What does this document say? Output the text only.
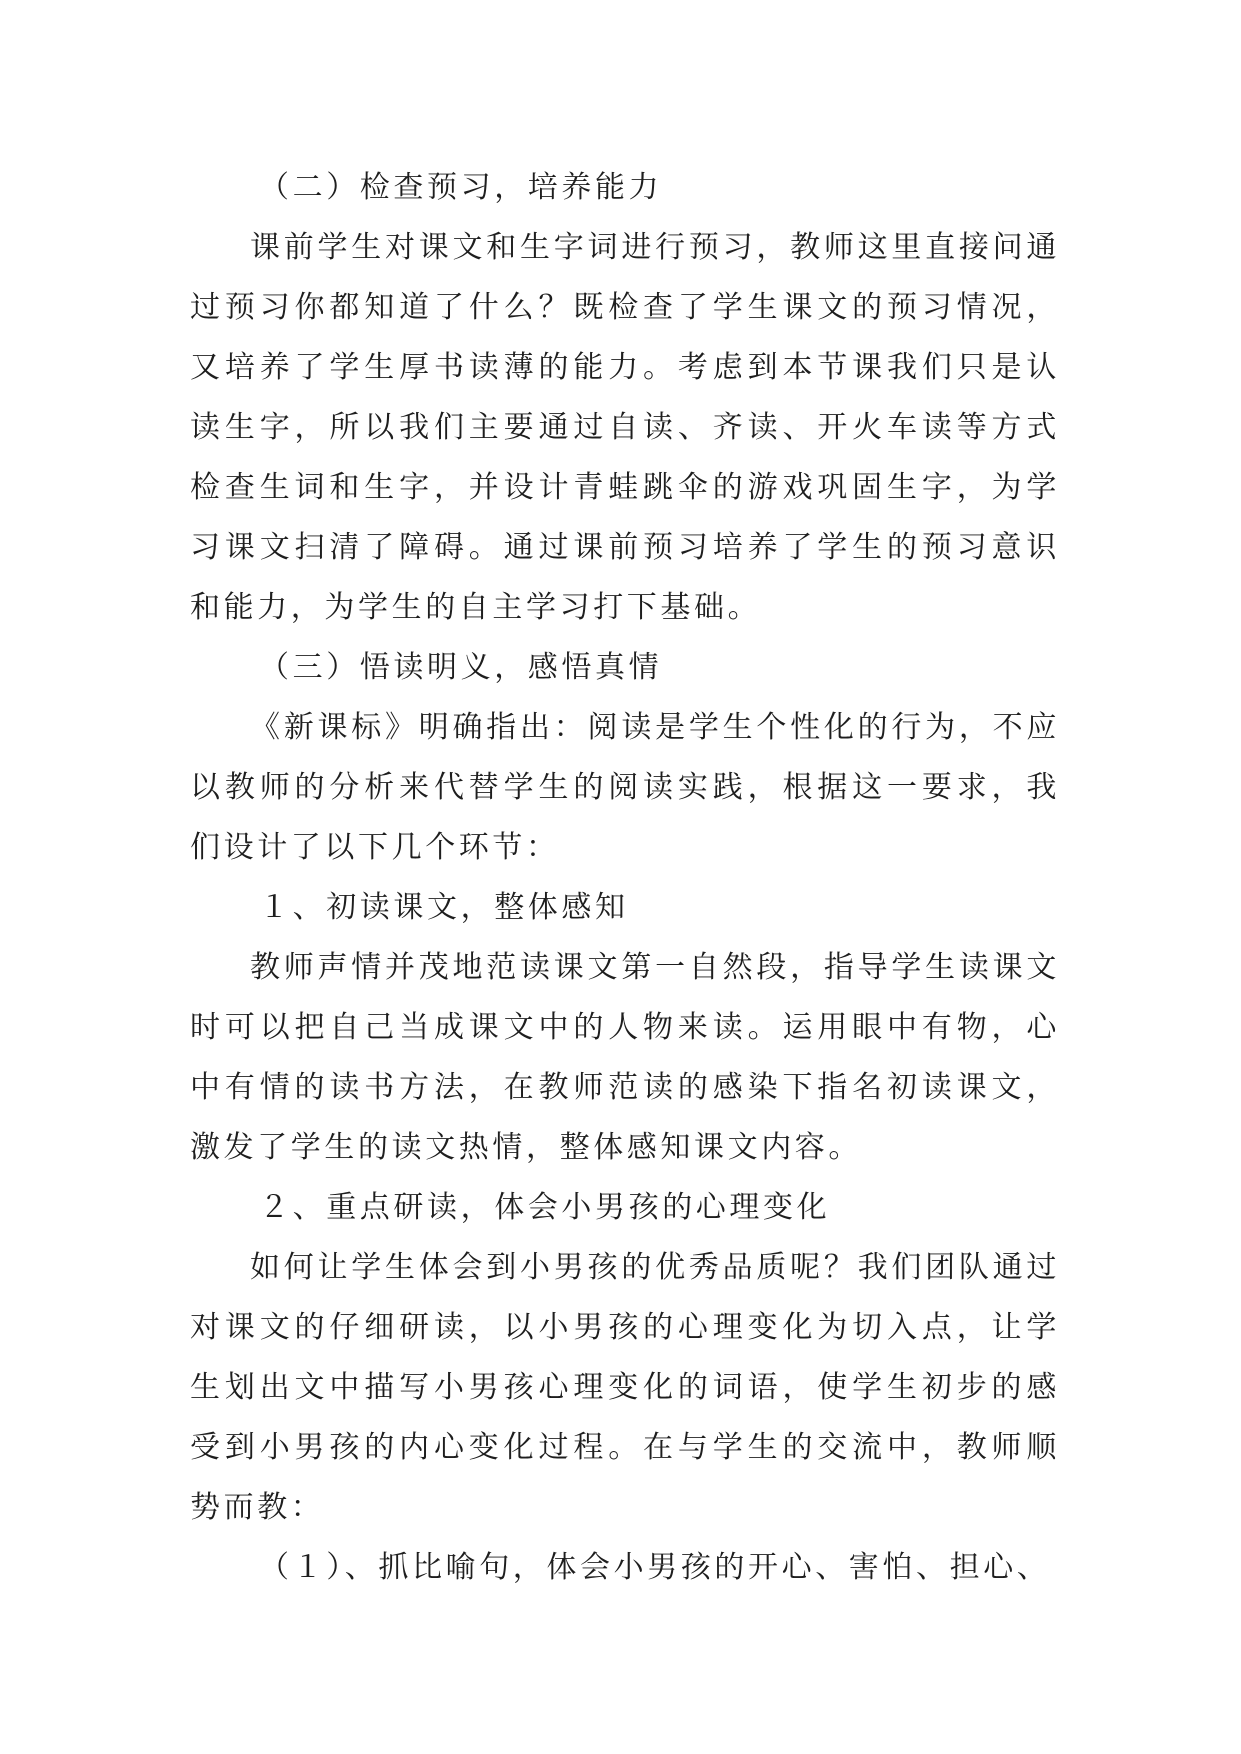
（二）检查预习，培养能力

课前学生对课文和生字词进行预习，教师这里直接问通过预习你都知道了什么？既检查了学生课文的预习情况，又培养了学生厚书读薄的能力。考虑到本节课我们只是认读生字，所以我们主要通过自读、齐读、开火车读等方式检查生词和生字，并设计青蛙跳伞的游戏巩固生字，为学习课文扫清了障碍。通过课前预习培养了学生的预习意识和能力，为学生的自主学习打下基础。

（三）悟读明义，感悟真情

《新课标》明确指出：阅读是学生个性化的行为，不应以教师的分析来代替学生的阅读实践，根据这一要求，我们设计了以下几个环节：

１、初读课文，整体感知

教师声情并茂地范读课文第一自然段，指导学生读课文时可以把自己当成课文中的人物来读。运用眼中有物，心中有情的读书方法，在教师范读的感染下指名初读课文，激发了学生的读文热情，整体感知课文内容。

２、重点研读，体会小男孩的心理变化

如何让学生体会到小男孩的优秀品质呢？我们团队通过对课文的仔细研读，以小男孩的心理变化为切入点，让学生划出文中描写小男孩心理变化的词语，使学生初步的感受到小男孩的内心变化过程。在与学生的交流中，教师顺势而教：

（１）、抓比喻句，体会小男孩的开心、害怕、担心、
